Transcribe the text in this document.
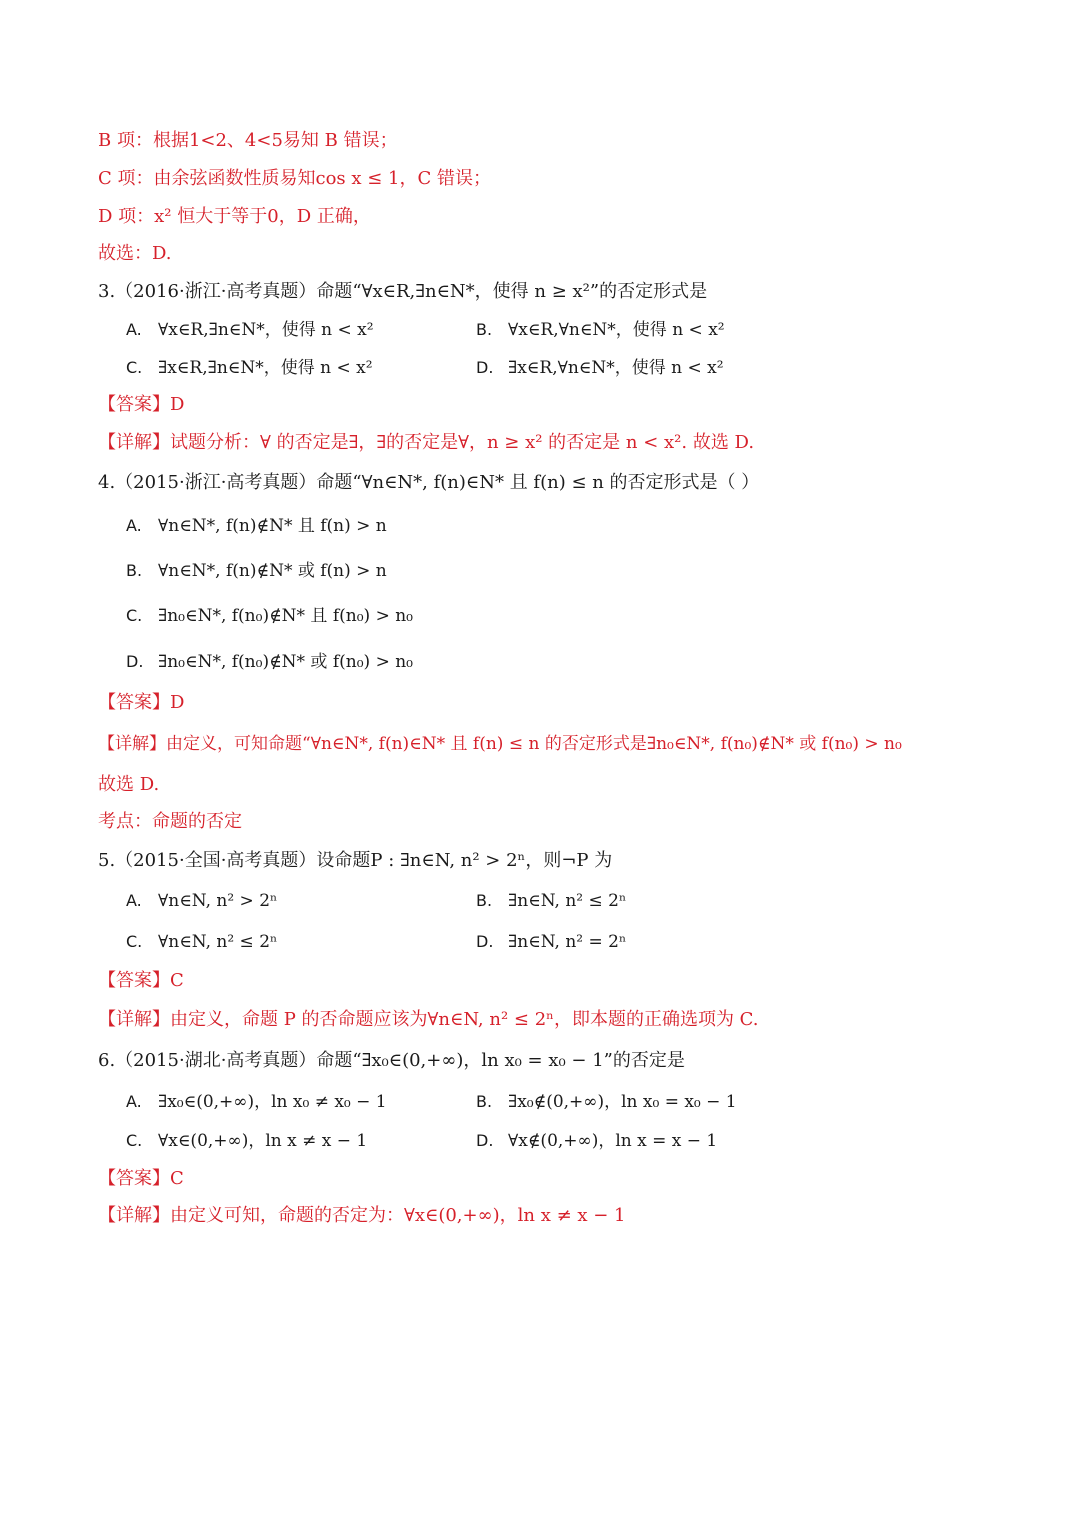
B 项：根据1<2、4<5易知 B 错误；
C 项：由余弦函数性质易知cos x ≤ 1，C 错误；
D 项：x² 恒大于等于0，D 正确，
故选：D.
3.（2016·浙江·高考真题）命题“∀x∈R,∃n∈N*，使得 n ≥ x²”的否定形式是
A. ∀x∈R,∃n∈N*，使得 n < x²	B. ∀x∈R,∀n∈N*，使得 n < x²
C. ∃x∈R,∃n∈N*，使得 n < x²	D. ∃x∈R,∀n∈N*，使得 n < x²
【答案】D
【详解】试题分析：∀ 的否定是∃，∃的否定是∀，n ≥ x² 的否定是 n < x². 故选 D.
4.（2015·浙江·高考真题）命题“∀n∈N*, f(n)∈N* 且 f(n) ≤ n 的否定形式是（ ）
A. ∀n∈N*, f(n)∉N* 且 f(n) > n
B. ∀n∈N*, f(n)∉N* 或 f(n) > n
C. ∃n₀∈N*, f(n₀)∉N* 且 f(n₀) > n₀
D. ∃n₀∈N*, f(n₀)∉N* 或 f(n₀) > n₀
【答案】D
【详解】由定义，可知命题“∀n∈N*, f(n)∈N* 且 f(n) ≤ n 的否定形式是∃n₀∈N*, f(n₀)∉N* 或 f(n₀) > n₀
故选 D.
考点：命题的否定
5.（2015·全国·高考真题）设命题P : ∃n∈N, n² > 2ⁿ，则¬P 为
A. ∀n∈N, n² > 2ⁿ	B. ∃n∈N, n² ≤ 2ⁿ
C. ∀n∈N, n² ≤ 2ⁿ	D. ∃n∈N, n² = 2ⁿ
【答案】C
【详解】由定义，命题 P 的否命题应该为∀n∈N, n² ≤ 2ⁿ，即本题的正确选项为 C.
6.（2015·湖北·高考真题）命题“∃x₀∈(0,+∞)，ln x₀ = x₀ − 1”的否定是
A. ∃x₀∈(0,+∞)，ln x₀ ≠ x₀ − 1	B. ∃x₀∉(0,+∞)，ln x₀ = x₀ − 1
C. ∀x∈(0,+∞)，ln x ≠ x − 1	D. ∀x∉(0,+∞)，ln x = x − 1
【答案】C
【详解】由定义可知，命题的否定为：∀x∈(0,+∞)，ln x ≠ x − 1
